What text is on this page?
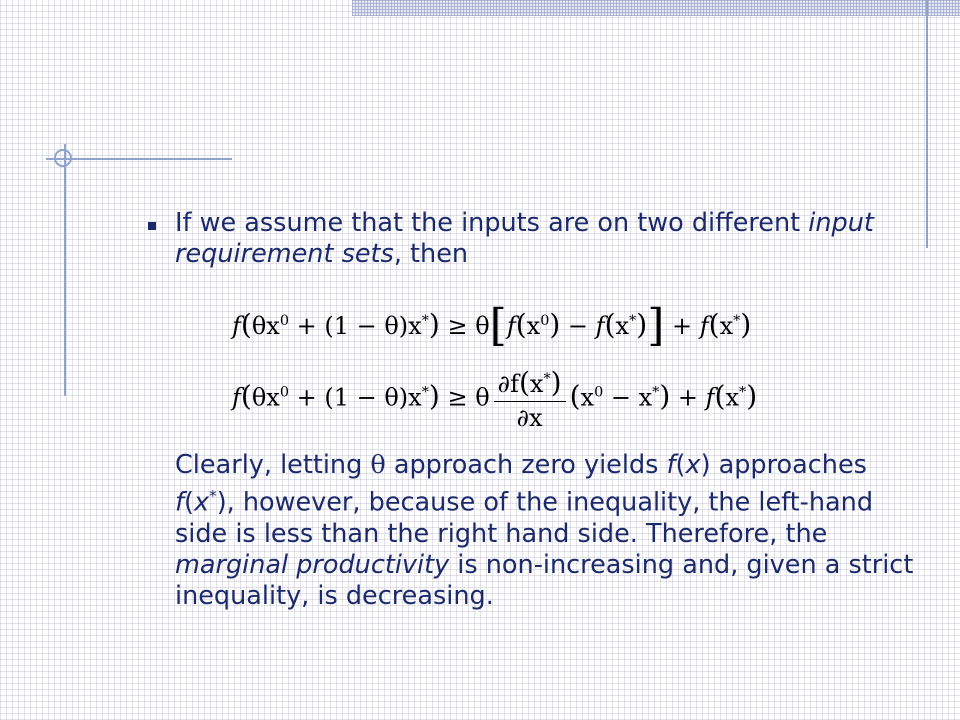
If we assume that the inputs are on two different input requirement sets, then
$f(\theta x^0 + (1 - \theta)x^*) \ge \theta[f(x^0) - f(x^*)] + f(x^*)$
$f(\theta x^0 + (1 - \theta)x^*) \ge \theta \frac{\partial f(x^*)}{\partial x} (x^0 - x^*) + f(x^*)$
Clearly, letting θ approach zero yields f(x) approaches f(x*), however, because of the inequality, the left-hand side is less than the right hand side. Therefore, the marginal productivity is non-increasing and, given a strict inequality, is decreasing.
